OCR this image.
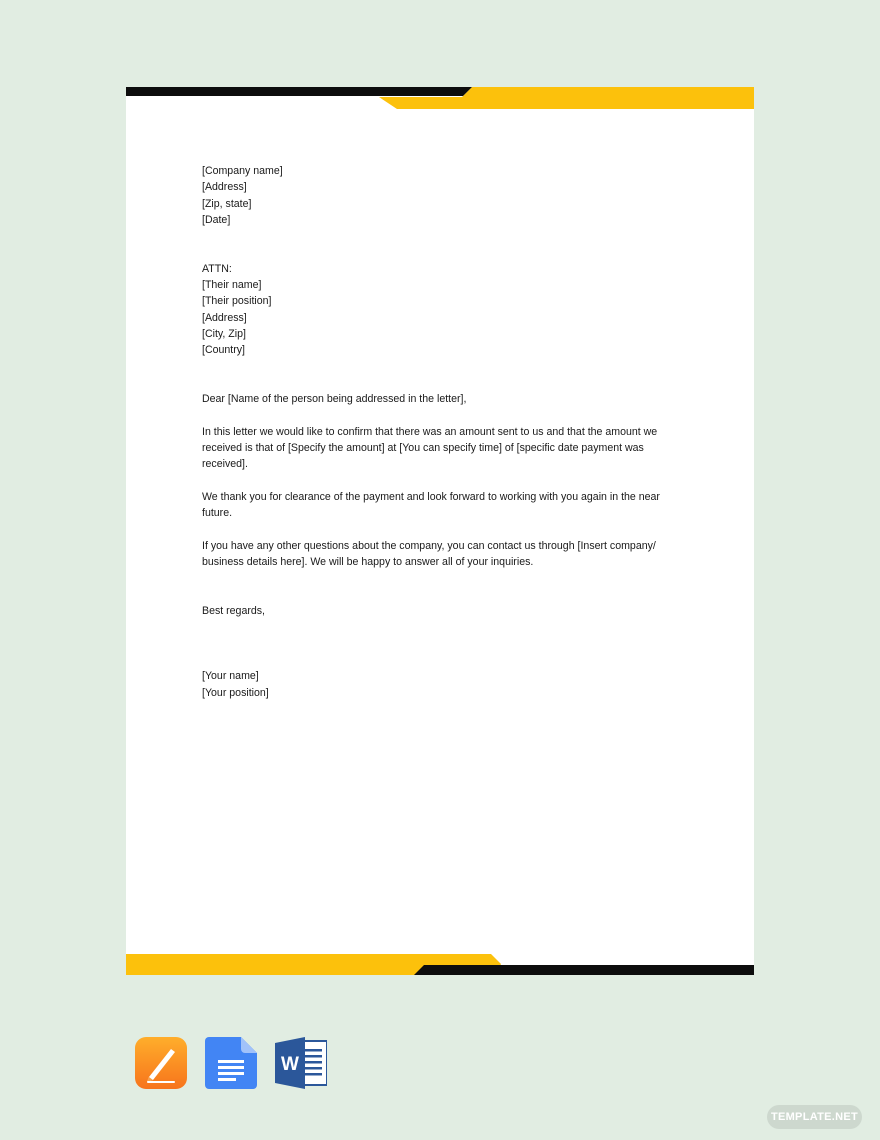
[Company name]

[Address]

[Zip, state]

[Date]

ATTN:

[Their name]

[Their position]

[Address]

[City, Zip]

[Country]

Dear [Name of the person being addressed in the letter],

In this letter we would like to confirm that there was an amount sent to us and that the amount we received is that of [Specify the amount] at [You can specify time] of [specific date payment was received].

We thank you for clearance of the payment and look forward to working with you again in the near future.

If you have any other questions about the company, you can contact us through [Insert company/ business details here]. We will be happy to answer all of your inquiries.

Best regards,

[Your name]

[Your position]

W
TEMPLATE.NET
